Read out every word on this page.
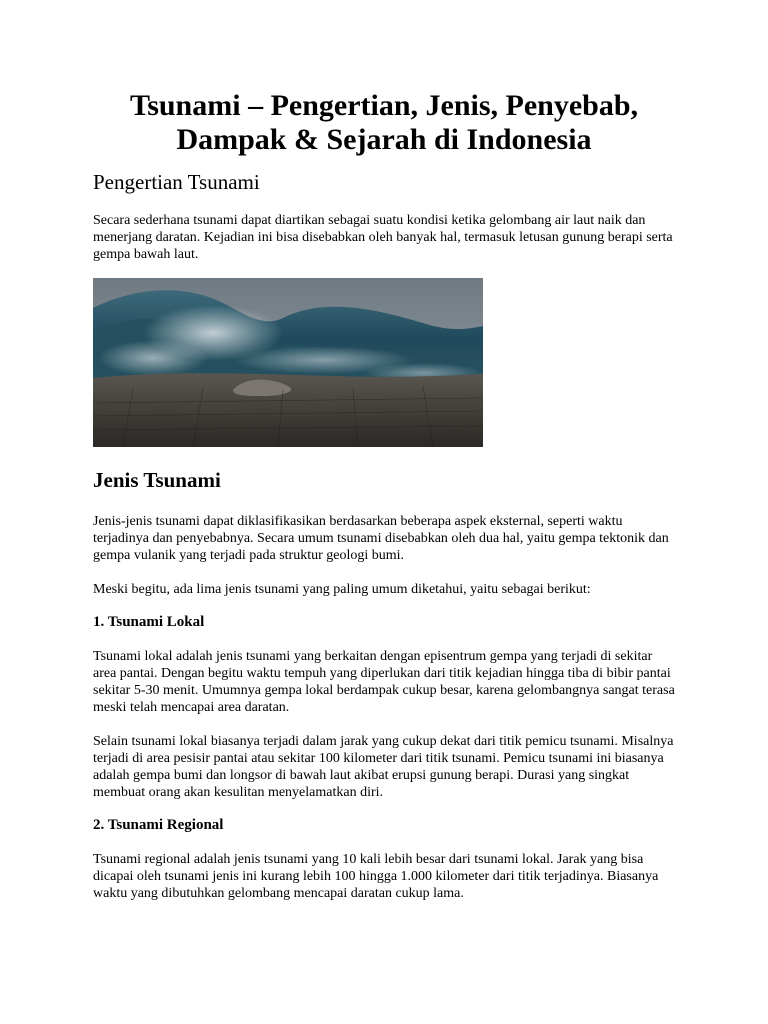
Tsunami – Pengertian, Jenis, Penyebab, Dampak & Sejarah di Indonesia
Pengertian Tsunami

Secara sederhana tsunami dapat diartikan sebagai suatu kondisi ketika gelombang air laut naik dan menerjang daratan. Kejadian ini bisa disebabkan oleh banyak hal, termasuk letusan gunung berapi serta gempa bawah laut.

Jenis Tsunami

Jenis-jenis tsunami dapat diklasifikasikan berdasarkan beberapa aspek eksternal, seperti waktu terjadinya dan penyebabnya. Secara umum tsunami disebabkan oleh dua hal, yaitu gempa tektonik dan gempa vulanik yang terjadi pada struktur geologi bumi.

Meski begitu, ada lima jenis tsunami yang paling umum diketahui, yaitu sebagai berikut:

1. Tsunami Lokal

Tsunami lokal adalah jenis tsunami yang berkaitan dengan episentrum gempa yang terjadi di sekitar area pantai. Dengan begitu waktu tempuh yang diperlukan dari titik kejadian hingga tiba di bibir pantai sekitar 5-30 menit. Umumnya gempa lokal berdampak cukup besar, karena gelombangnya sangat terasa meski telah mencapai area daratan.

Selain tsunami lokal biasanya terjadi dalam jarak yang cukup dekat dari titik pemicu tsunami. Misalnya terjadi di area pesisir pantai atau sekitar 100 kilometer dari titik tsunami. Pemicu tsunami ini biasanya adalah gempa bumi dan longsor di bawah laut akibat erupsi gunung berapi. Durasi yang singkat membuat orang akan kesulitan menyelamatkan diri.

2. Tsunami Regional

Tsunami regional adalah jenis tsunami yang 10 kali lebih besar dari tsunami lokal. Jarak yang bisa dicapai oleh tsunami jenis ini kurang lebih 100 hingga 1.000 kilometer dari titik terjadinya. Biasanya waktu yang dibutuhkan gelombang mencapai daratan cukup lama.
